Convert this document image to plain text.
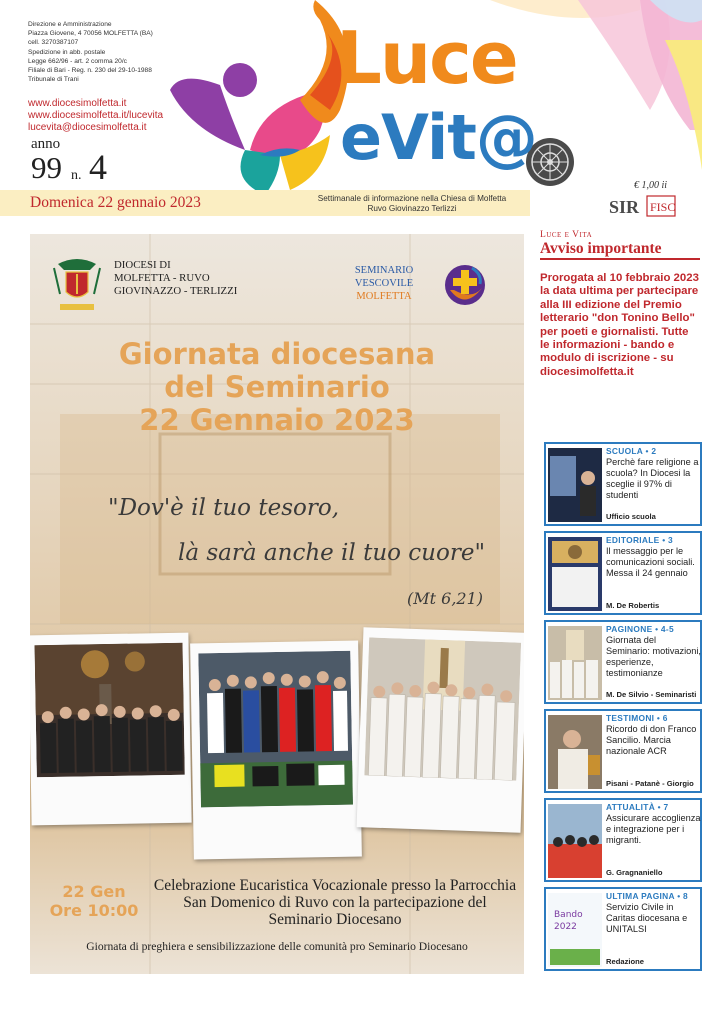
Direzione e Amministrazione
Piazza Giovene, 4 70056 MOLFETTA (BA)
cell. 3270387107
Spedizione in abb. postale
Legge 662/96 - art. 2 comma 20/c
Filiale di Bari - Reg. n. 230 del 29-10-1988
Tribunale di Trani
www.diocesimolfetta.it
www.diocesimolfetta.it/lucevita
lucevita@diocesimolfetta.it
anno
99 n. 4
Luce
eVit@
Domenica 22 gennaio 2023	Settimanale di informazione nella Chiesa di Molfetta Ruvo Giovinazzo Terlizzi
€ 1,00 ii
SIR FISC
DIOCESI DI
MOLFETTA - RUVO
GIOVINAZZO - TERLIZZI
SEMINARIO
VESCOVILE
MOLFETTA
Giornata diocesana
del Seminario
22 Gennaio 2023
"Dov'è il tuo tesoro,
là sarà anche il tuo cuore"
(Mt 6,21)
22 Gen
Ore 10:00
Celebrazione Eucaristica Vocazionale presso la Parrocchia San Domenico di Ruvo con la partecipazione del Seminario Diocesano
Giornata di preghiera e sensibilizzazione delle comunità pro Seminario Diocesano
Luce e Vita
Avviso importante
Prorogata al 10 febbraio 2023 la data ultima per partecipare alla III edizione del Premio letterario "don Tonino Bello" per poeti e giornalisti. Tutte le informazioni - bando e modulo di iscrizione - su diocesimolfetta.it
SCUOLA • 2
Perchè fare religione a scuola? In Diocesi la sceglie il 97% di studenti
Ufficio scuola
EDITORIALE • 3
Il messaggio per le comunicazioni sociali. Messa il 24 gennaio
M. De Robertis
PAGINONE • 4-5
Giornata del Seminario: motivazioni, esperienze, testimonianze
M. De Silvio - Seminaristi
TESTIMONI • 6
Ricordo di don Franco Sancilio. Marcia nazionale ACR
Pisani - Patanè - Giorgio
ATTUALITÀ • 7
Assicurare accoglienza e integrazione per i migranti.
G. Gragnaniello
Bando
2022
ULTIMA PAGINA • 8
Servizio Civile in Caritas diocesana e UNITALSI
Redazione
